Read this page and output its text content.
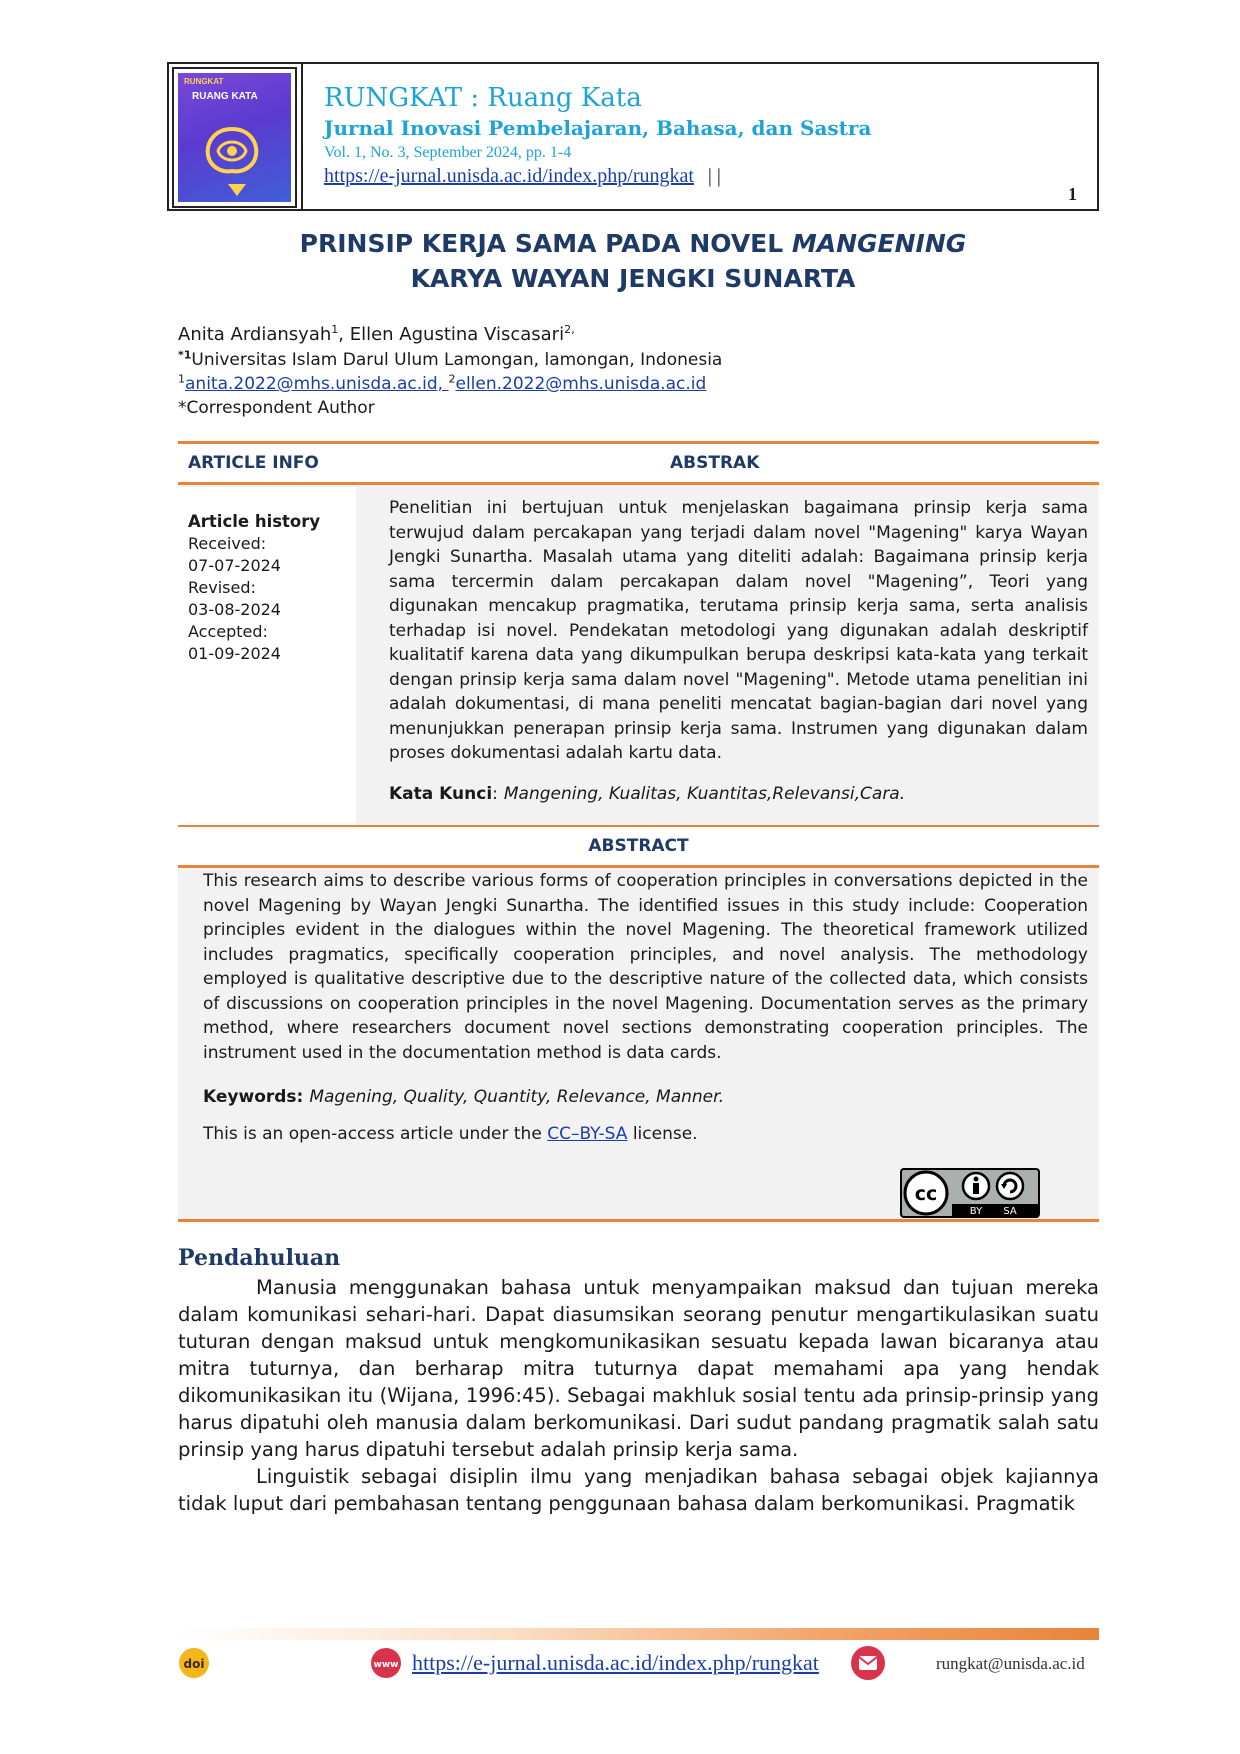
RUNGKAT
RUANG KATA	RUNGKAT : Ruang Kata
Jurnal Inovasi Pembelajaran, Bahasa, dan Sastra
Vol. 1, No. 3, September 2024, pp. 1-4
https://e-jurnal.unisda.ac.id/index.php/rungkat | |
1
PRINSIP KERJA SAMA PADA NOVEL MANGENING
KARYA WAYAN JENGKI SUNARTA
Anita Ardiansyah$^1$, Ellen Agustina Viscasari$^{2,}$
$^{*1}$Universitas Islam Darul Ulum Lamongan, lamongan, Indonesia
$^1$anita.2022@mhs.unisda.ac.id, $^2$ellen.2022@mhs.unisda.ac.id
*Correspondent Author
ARTICLE INFO	ABSTRAK
Article history
Received:
07-07-2024
Revised:
03-08-2024
Accepted:
01-09-2024
Penelitian ini bertujuan untuk menjelaskan bagaimana prinsip kerja sama terwujud dalam percakapan yang terjadi dalam novel "Magening" karya Wayan Jengki Sunartha. Masalah utama yang diteliti adalah: Bagaimana prinsip kerja sama tercermin dalam percakapan dalam novel "Magening”, Teori yang digunakan mencakup pragmatika, terutama prinsip kerja sama, serta analisis terhadap isi novel. Pendekatan metodologi yang digunakan adalah deskriptif kualitatif karena data yang dikumpulkan berupa deskripsi kata-kata yang terkait dengan prinsip kerja sama dalam novel "Magening". Metode utama penelitian ini adalah dokumentasi, di mana peneliti mencatat bagian-bagian dari novel yang menunjukkan penerapan prinsip kerja sama. Instrumen yang digunakan dalam proses dokumentasi adalah kartu data.
Kata Kunci: Mangening, Kualitas, Kuantitas,Relevansi,Cara.
ABSTRACT
This research aims to describe various forms of cooperation principles in conversations depicted in the novel Magening by Wayan Jengki Sunartha. The identified issues in this study include: Cooperation principles evident in the dialogues within the novel Magening. The theoretical framework utilized includes pragmatics, specifically cooperation principles, and novel analysis. The methodology employed is qualitative descriptive due to the descriptive nature of the collected data, which consists of discussions on cooperation principles in the novel Magening. Documentation serves as the primary method, where researchers document novel sections demonstrating cooperation principles. The instrument used in the documentation method is data cards.
Keywords: Magening, Quality, Quantity, Relevance, Manner.
This is an open-access article under the CC–BY-SA license.
cc
BY SA
Pendahuluan

Manusia menggunakan bahasa untuk menyampaikan maksud dan tujuan mereka dalam komunikasi sehari-hari. Dapat diasumsikan seorang penutur mengartikulasikan suatu tuturan dengan maksud untuk mengkomunikasikan sesuatu kepada lawan bicaranya atau mitra tuturnya, dan berharap mitra tuturnya dapat memahami apa yang hendak dikomunikasikan itu (Wijana, 1996:45). Sebagai makhluk sosial tentu ada prinsip-prinsip yang harus dipatuhi oleh manusia dalam berkomunikasi. Dari sudut pandang pragmatik salah satu prinsip yang harus dipatuhi tersebut adalah prinsip kerja sama.

Linguistik sebagai disiplin ilmu yang menjadikan bahasa sebagai objek kajiannya tidak luput dari pembahasan tentang penggunaan bahasa dalam berkomunikasi. Pragmatik

doi	www https://e-jurnal.unisda.ac.id/index.php/rungkat	rungkat@unisda.ac.id
